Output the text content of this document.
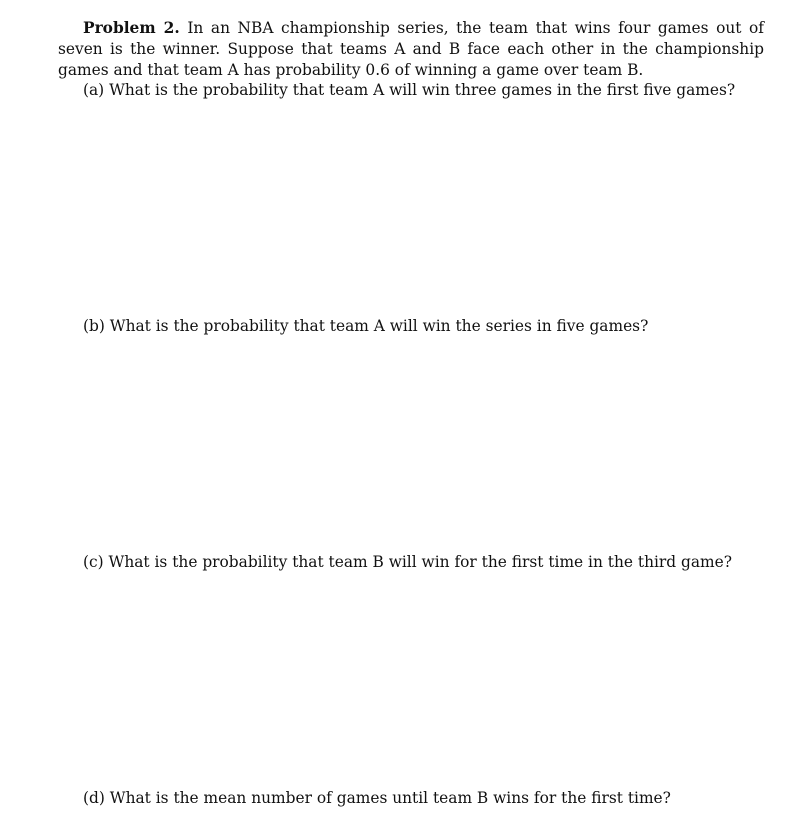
Problem 2. In an NBA championship series, the team that wins four games out of seven is the winner. Suppose that teams A and B face each other in the championship games and that team A has probability 0.6 of winning a game over team B.
(a) What is the probability that team A will win three games in the first five games?
(b) What is the probability that team A will win the series in five games?
(c) What is the probability that team B will win for the first time in the third game?
(d) What is the mean number of games until team B wins for the first time?
